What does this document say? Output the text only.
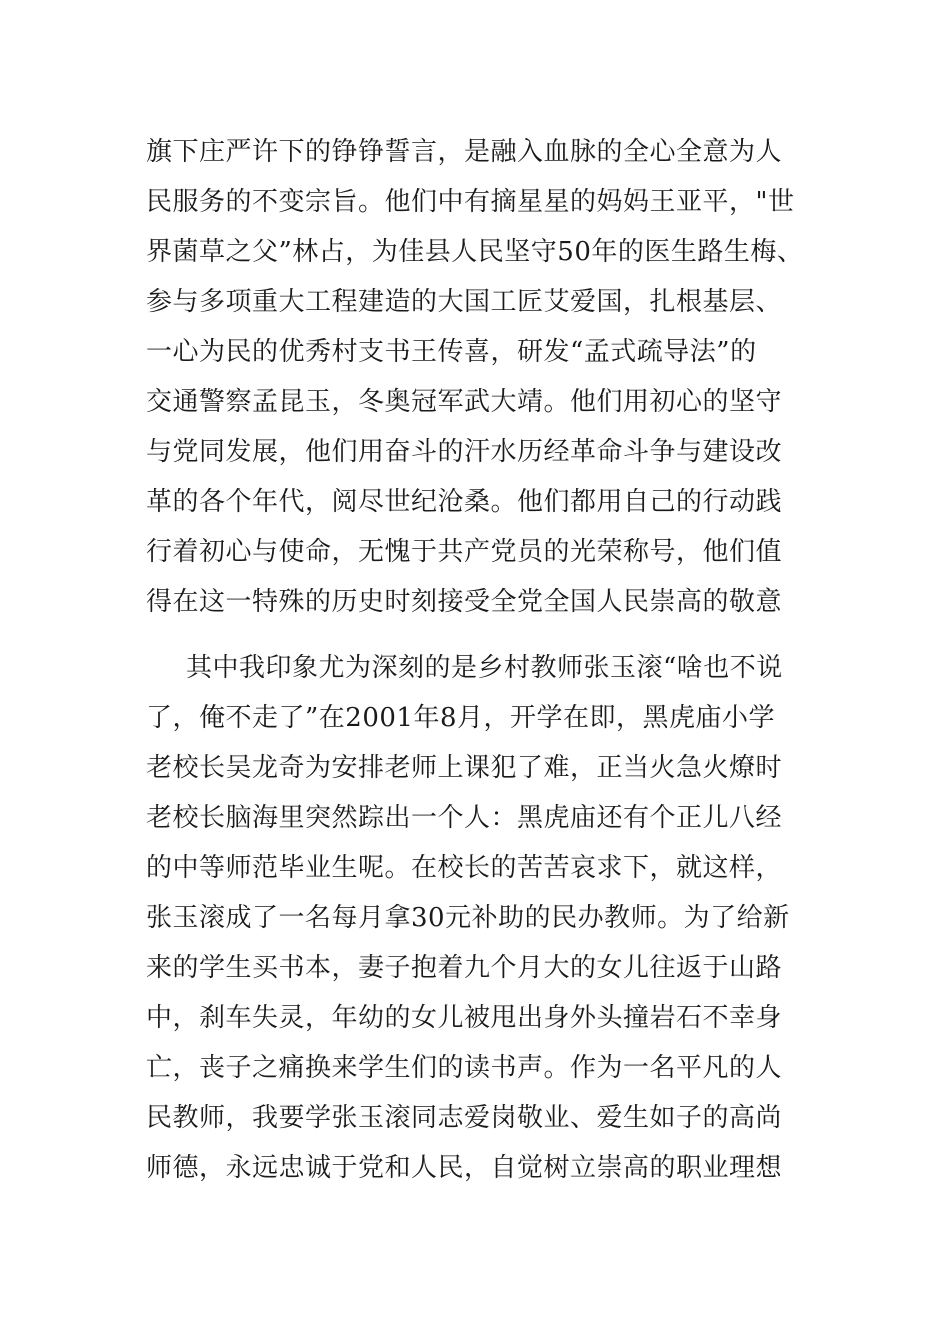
旗下庄严许下的铮铮誓言，是融入血脉的全心全意为人
民服务的不变宗旨。他们中有摘星星的妈妈王亚平，"世
界菌草之父”林占，为佳县人民坚守50年的医生路生梅、
参与多项重大工程建造的大国工匠艾爱国，扎根基层、
一心为民的优秀村支书王传喜，研发“孟式疏导法”的
交通警察孟昆玉，冬奥冠军武大靖。他们用初心的坚守
与党同发展，他们用奋斗的汗水历经革命斗争与建设改
革的各个年代，阅尽世纪沧桑。他们都用自己的行动践
行着初心与使命，无愧于共产党员的光荣称号，他们值
得在这一特殊的历史时刻接受全党全国人民崇高的敬意
其中我印象尤为深刻的是乡村教师张玉滚“啥也不说
了，俺不走了”在2001年8月，开学在即，黑虎庙小学
老校长吴龙奇为安排老师上课犯了难，正当火急火燎时
老校长脑海里突然踪出一个人：黑虎庙还有个正儿八经
的中等师范毕业生呢。在校长的苦苦哀求下，就这样，
张玉滚成了一名每月拿30元补助的民办教师。为了给新
来的学生买书本，妻子抱着九个月大的女儿往返于山路
中，刹车失灵，年幼的女儿被甩出身外头撞岩石不幸身
亡，丧子之痛换来学生们的读书声。作为一名平凡的人
民教师，我要学张玉滚同志爱岗敬业、爱生如子的高尚
师德，永远忠诚于党和人民，自觉树立崇高的职业理想
